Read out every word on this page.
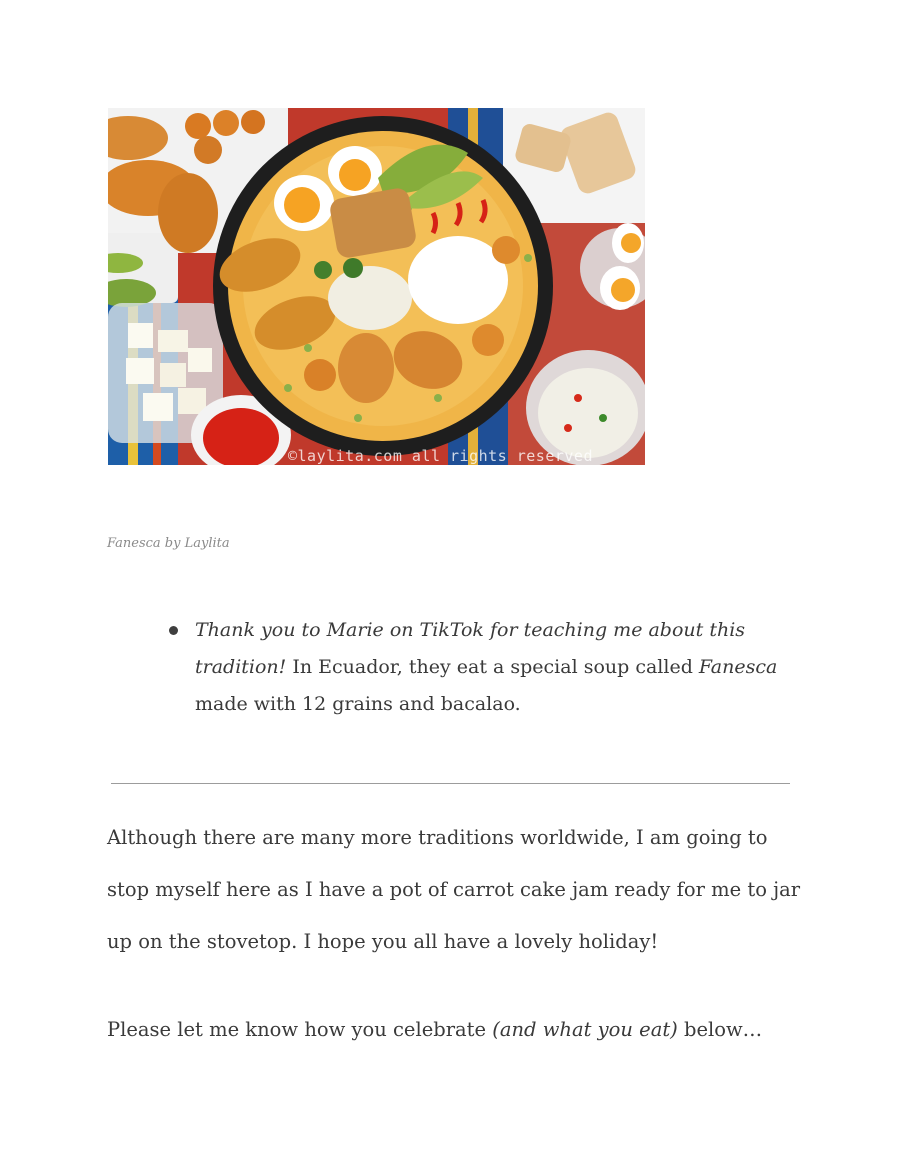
©laylita.com all rights reserved
Fanesca by Laylita
Thank you to Marie on TikTok for teaching me about this tradition! In Ecuador, they eat a special soup called Fanesca made with 12 grains and bacalao.

Although there are many more traditions worldwide, I am going to stop myself here as I have a pot of carrot cake jam ready for me to jar up on the stovetop. I hope you all have a lovely holiday!

Please let me know how you celebrate (and what you eat) below…
